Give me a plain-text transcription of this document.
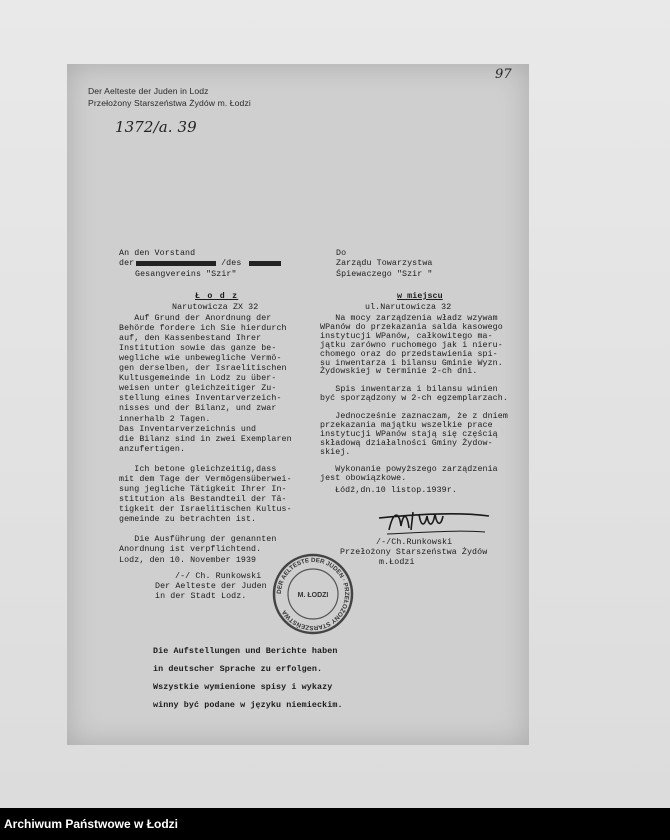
97
Der Aelteste der Juden in Lodz
Przełożony Starszeństwa Żydów m. Łodzi
1372/a. 39
An den Vorstand
der	/des
Gesangvereins "Szir"
Ł o d z
Narutowicza ZX 32
Auf Grund der Anordnung der
Behörde fordere ich Sie hierdurch
auf, den Kassenbestand Ihrer
Institution sowie das ganze be-
wegliche wie unbewegliche Vermö-
gen derselben, der Israelitischen
Kultusgemeinde in Lodz zu über-
weisen unter gleichzeitiger Zu-
stellung eines Inventarverzeich-
nisses und der Bilanz, und zwar
innerhalb 2 Tagen.
Das Inventarverzeichnis und
die Bilanz sind in zwei Exemplaren
anzufertigen.
Ich betone gleichzeitig,dass
mit dem Tage der Vermögensüberwei-
sung jegliche Tätigkeit Ihrer In-
stitution als Bestandteil der Tä-
tigkeit der Israelitischen Kultus-
gemeinde zu betrachten ist.
Die Ausführung der genannten
Anordnung ist verpflichtend.
Lodz, den 10. November 1939
/-/ Ch. Runkowski
Der Aelteste der Juden
in der Stadt Lodz.
Do
Zarządu Towarzystwa
Śpiewaczego "Szir "
w miejscu
ul.Narutowicza 32
Na mocy zarządzenia władz wzywam
WPanów do przekazania salda kasowego
instytucji WPanów, całkowitego ma-
jątku zarówno ruchomego jak i nieru-
chomego oraz do przedstawienia spi-
su inwentarza i bilansu Gminie Wyzn.
Żydowskiej w terminie 2-ch dni.
Spis inwentarza i bilansu winien
być sporządzony w 2-ch egzemplarzach.
Jednocześnie zaznaczam, że z dniem
przekazania majątku wszelkie prace
instytucji WPanów stają się częścią
składową działalności Gminy Żydow-
skiej.
Wykonanie powyższego zarządzenia
jest obowiązkowe.
Łódź,dn.10 listop.1939r.
/-/Ch.Runkowski
Przełożony Starszeństwa Żydów
m.Łodzi
DER AELTESTE DER JUDEN · PRZEŁOŻONY STARSZEŃSTWA
M. ŁODZI
Die Aufstellungen und Berichte haben
in deutscher Sprache zu erfolgen.
Wszystkie wymienione spisy i wykazy
winny być podane w języku niemieckim.
Archiwum Państwowe w Łodzi
